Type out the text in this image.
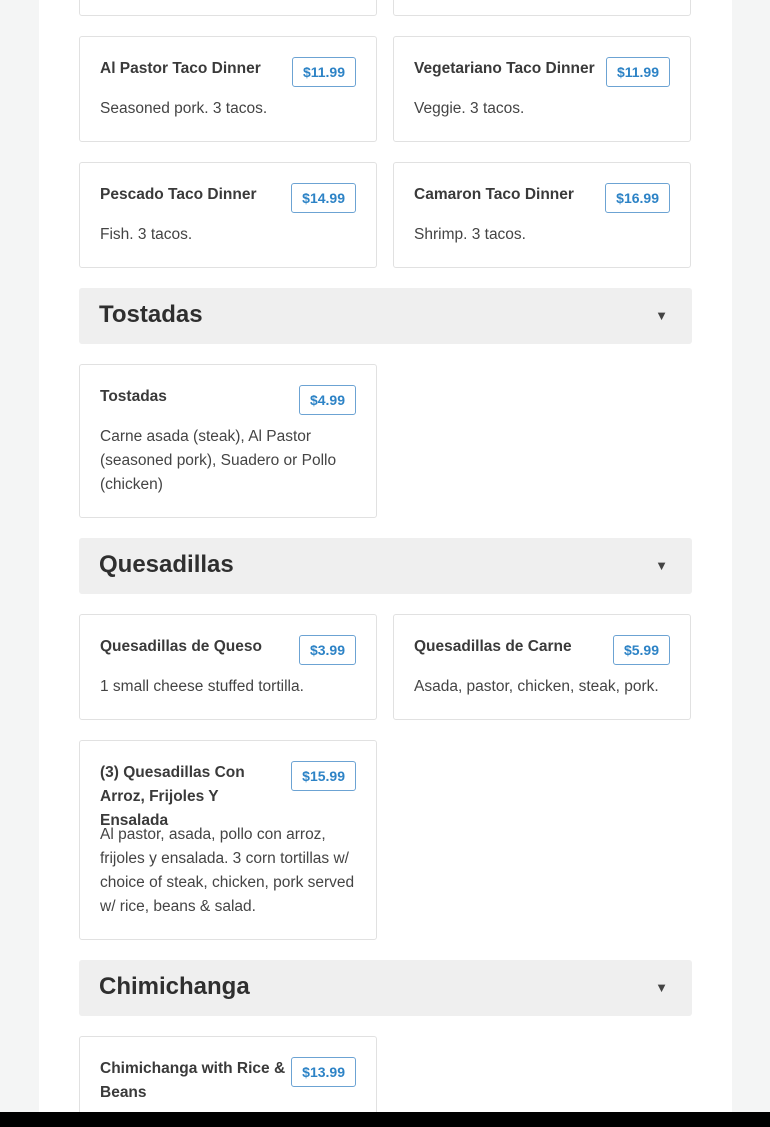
Al Pastor Taco Dinner	$11.99
Seasoned pork. 3 tacos.
Vegetariano Taco Dinner	$11.99
Veggie. 3 tacos.
Pescado Taco Dinner	$14.99
Fish. 3 tacos.
Camaron Taco Dinner	$16.99
Shrimp. 3 tacos.
Tostadas	▼
Tostadas	$4.99
Carne asada (steak), Al Pastor (seasoned pork), Suadero or Pollo (chicken)
Quesadillas	▼
Quesadillas de Queso	$3.99
1 small cheese stuffed tortilla.
Quesadillas de Carne	$5.99
Asada, pastor, chicken, steak, pork.
(3) Quesadillas Con Arroz, Frijoles Y Ensalada
$15.99
Al pastor, asada, pollo con arroz, frijoles y ensalada. 3 corn tortillas w/ choice of steak, chicken, pork served w/ rice, beans & salad.
Chimichanga	▼
Chimichanga with Rice & Beans
$13.99
